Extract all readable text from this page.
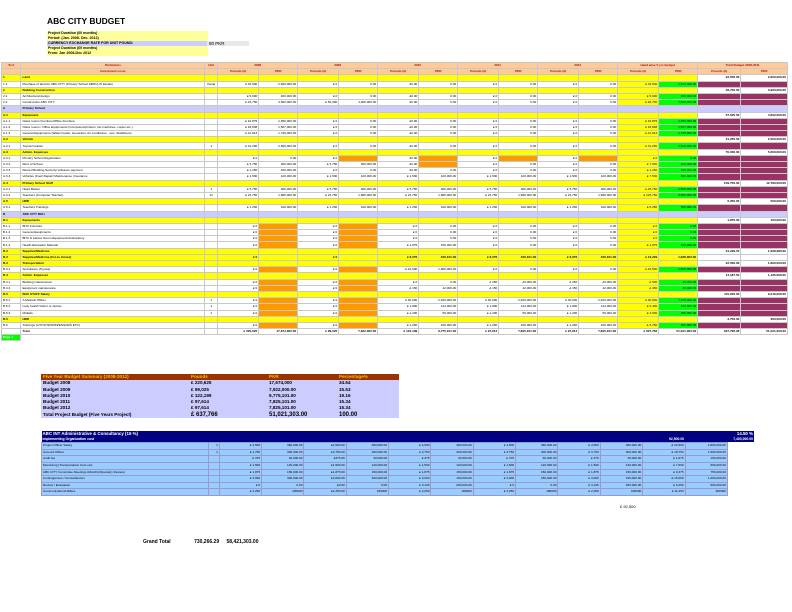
ABC CITY BUDGET
Project Duration (60 months)
Period: (Jan. 2008- Dec. 2012)
CURRENCY EXCHANGE RATE FOR UNIT POUND:	80 PKR
Project Duration (60 months)
From: Jan 2008-Dec 2012
Sr.#	Particulars	Unit	2008		2009		2010		2011		2012		Head wise 5 yrs budget		Total Budget 2008-2011	
	Investment costs		Pounds (£)	PKR	Pounds (£)	PKR	Pounds (£)	PKR	Pounds (£)	PKR	Pounds (£)	PKR	Pounds (£)	PKR	Pounds (£)	PKR
1	Land														32,500.00	2,600,000.00
1.1	Purchase of land for ABC CITY (Primary School &BHU) (5 kanals)	Kanal	£ 32,500	2,600,000.00	£ 0	0.00	£0.00	0.00	£ 0	0.00	£ 0	0.00	£ 32,500	2,600,000.00		
2	Building Construction														48,750.00	3,900,000.00
2.1	Architectural design		£ 5,000	400,000.00	£ 0	0.00	£0.00	0.00	£ 0	0.00	£ 0	0.00	£ 5,000	400,000.00		
2.2	Construction ABC CITY		£ 43,750	3,500,000.00	£ 50,000	4,000,000.00	£0.00	0.00	£ 0	0.00	£ 0	0.00	£ 93,750	7,500,000.00		
A	Primary School															
A.1	Equipment														57,525.00	4,602,000.00
A.1.1	Class rooms Furniture/Office Furniture		£ 16,875	1,350,000.00	£ 0	0.00	£0.00	0.00	£ 0	0.00	£ 0	0.00	£ 16,875	1,350,000.00		
A.1.2	Class rooms / Office Equipments (Computers/printers, fax machines, copier etc.)		£ 18,838	1,507,000.00	£ 0	0.00	£0.00	0.00	£ 0	0.00	£ 0	0.00	£ 18,838	1,507,000.00		
A.1.3	General Equipments (Water heater, Generator, Air conditioner , ups, Stabilizers)		£ 21,813	1,745,000.00	£ 0	0.00	£0.00	0.00	£ 0	0.00	£ 0	0.00	£ 21,813	1,745,000.00		
A.2	Vehicle														31,250.00	2,500,000.00
A.2.1	Toyota Coaster	1	£ 31,250	2,500,000.00	£ 0	0.00	£0.00	0.00	£ 0	0.00	£ 0	0.00	£ 31,250	2,500,000.00		
A.3	Admin. Expenses														70,000.00	5,600,000.00
A.3.1	Primary School Registration		£ 0	0.00	£ 0		£0.00		£ 0		£ 0		£ 0	0.00		
A.3.2	Rent of School		£ 3,750	300,000.00	£ 3,750	300,000.00	£0.00		£ 0	0.00	£ 0	0.00	£ 7,500	600,000.00		
A.3.3	Rented Building Security/ Advance payment		£ 1,250	100,000.00	£ 0	0.00	£0.00	0.00	£ 0	0.00	£ 0	0.00	£ 1,250	100,000.00		
A.3.4	Vehicles (Fuel/ Repair/ Maintenance /Insurance		£ 1,500	120,000.00	£ 1,500	120,000.00	£ 1,500	120,000.00	£ 1,500	120,000.00	£ 1,500	120,000.00	£ 7,500	600,000.00		
A.4	Primary School Staff														159,750.00	12,780,000.00
A.4.1	Head Master	1	£ 3,750	300,000.00	£ 3,750	300,000.00	£ 3,750	300,000.00	£ 3,750	300,000.00	£ 3,750	300,000.00	£ 18,750	1,500,000.00		
A.4.2	Teachers (Computer Teacher)	11	£ 24,750	1,980,000.00	£ 24,750	1,980,000.00	£ 24,750	1,980,000.00	£ 24,750	1,980,000.00	£ 24,750	1,980,000.00	£ 123,750	9,900,000.00		
A.5	HRD														6,250.00	500,000.00
A.5.1	Teachers Trainings		£ 1,250	100,000.00	£ 1,250	100,000.00	£ 1,250	100,000.00	£ 1,250	100,000.00	£ 1,250	100,000.00	£ 6,250	500,000.00		
B	ABC CITY BHU															
B.1	Equipments														1,875.00	150,000.00
B.1.1	BHU Furniture		£ 0		£ 0		£ 0	0.00	£ 0	0.00	£ 0	0.00	£ 0	0.00		
B.1.2	General Equipments		£ 0		£ 0		£ 0	0.00	£ 0	0.00	£ 0	0.00	£ 0	0.00		
B.1.3	BHU & Labour Room Equipments/Laboratory		£ 0		£ 0		£ 0	0.00	£ 0	0.00	£ 0	0.00	£ 0	0.00		
B.1.4	Health Education Material		£ 0		£ 0		£ 1,875	150,000.00	£ 0	0.00	£ 0	0.00	£ 1,875	150,000.00		
B.2	Supplies/Medicine														24,229.76	1,938,380.00
B.2	Supplies/Medicine (list as Annex)		£ 0		£ 0		£ 8,076	646,101.00	£ 8,076	646,101.00	£ 8,076	646,101.00	£ 24,229	1,938,303.00		
B.3	Transportation														22,500.00	1,800,000.00
B.3.1	Ambulance (Toyota)		£ 0		£ 0		£ 22,500	1,800,000.00	£ 0	0.00	£ 0	0.00	£ 22,500	1,800,000.00		
B.4	Admin. Expenses														14,187.50	1,135,000.00
B.4.1	Building maintenance		£ 0		£ 0		£ 0	0.00	£ 250	20,000.00	£ 250	20,000.00	£ 500	40,000.00		
B.4.2	Equipment maintenance		£ 0		£ 0		£ 150	12,000.00	£ 150	12,000.00	£ 150	12,000.00	£ 450	36,000.00		
B.5	BHU STAFF Salary														115,200.00	9,216,000.00
B.5.1	A Medical Officer	1	£ 0		£ 0		£ 30,000	2,400,000.00	£ 30,000	2,400,000.00	£ 30,000	2,400,000.00	£ 90,000	7,200,000.00		
B.5.2	Lady health Visitor or worker	1	£ 0		£ 0		£ 1,800	144,000.00	£ 1,800	144,000.00	£ 1,800	144,000.00	£ 5,400	432,000.00		
B.5.3	Midwife	1	£ 0		£ 0		£ 1,200	96,000.00	£ 1,200	96,000.00	£ 1,200	96,000.00	£ 3,600	288,000.00		
B.6	HRD														3,750.00	300,000.00
B.6	Trainings (LHV/LHW/DISPENSORS ETC)		£ 0		£ 0		£ 1,250	100,000.00	£ 1,250	100,000.00	£ 1,250	100,000.00	£ 3,750	300,000.00		
	Total		£ 220,625	17,674,000.00	£ 99,025	7,922,000.00	£ 122,199	9,775,101.00	£ 97,614	7,825,101.00	£ 97,614	7,825,101.00	£ 637,766	51,021,303.00	637,766.28	51,021,303.00
Page 1																
Five Year Budget Summary (2008-2012)	Pounds	PKR	Percentage%
Budget 2008	£ 220,625	17,674,000	34.64
Budget 2009	£ 99,025	7,922,000.00	15.53
Budget 2010	£ 122,199	9,775,101.00	19.16
Budget 2011	£ 97,614	7,825,101.00	15.34
Budget 2012	£ 97,614	7,825,101.00	15.34
Total Project Budget (Five Years Project)	£ 637,766	51,021,303.00	100.00
ABC INT Administrative & Consultancy (15 %)												14.50 %		
Implementing Organization cost												92,500.00	7,400,000.00	
Project Officer Salary	1	£ 4,500	360,000.00	£4,500.00	360,000.00	£ 4,500	360,000.00	£ 4,500	360,000.00	£ 4,500	360,000.00	£ 22,500	1,800,000.00	
Account Officer	1	£ 3,750	300,000.00	£3,750.00	300,000.00	£ 3,750	300,000.00	£ 3,750	300,000.00	£ 3,750	300,000.00	£ 18,750	1,500,000.00	
Audit fee		£ 375	30,000.00	£375.00	30,000.00	£ 375	30,000.00	£ 375	30,000.00	£ 375	30,000.00	£ 1,875	150,000.00	
Monitoring (Transportation Cost etc)		£ 1,500	120,000.00	£1,500.00	120,000.00	£ 1,500	120,000.00	£ 1,500	120,000.00	£ 1,500	120,000.00	£ 7,500	600,000.00	
ABC CITY Committee Meetings (Monthly/Quarterly Review)		£ 1,875	150,000.00	£1,875.00	150,000.00	£ 1,875	150,000.00	£ 1,875	150,000.00	£ 1,875	150,000.00	£ 9,375	750,000.00	
Contingencies / Consultancies		£ 3,000	300,000.00	£3,000.00	300,000.00	£ 3,000	150,000.00	£ 3,000	150,000.00	£ 3,000	150,000.00	£ 15,000	1,200,000.00	
Review / Evaluation		£ 0	0.00	£0.00	0.00	£ 3,125	250,000.00	£ 0	0.00	£ 3,125	250,000.00	£ 6,250	500,000.00	
Communication/Utilities		£ 2,250	180000	£2,250.00	180000	£ 2,250	180000	£ 2,250	180000	£ 2,250	180000	£ 11,250	900000	
£ 92,500
Grand Total	730,266.29 58,421,303.00
